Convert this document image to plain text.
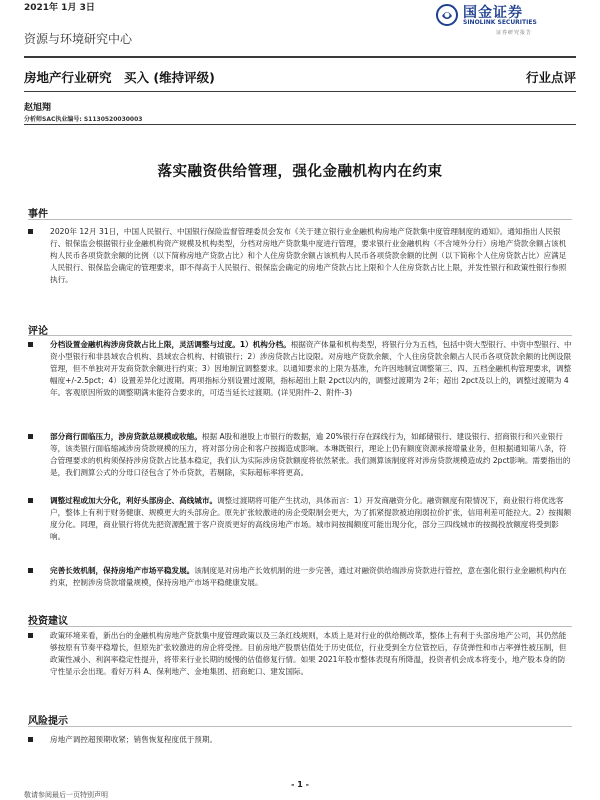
2021年 1月 3日	国金证券
SINOLINK SECURITIES
证券研究报告
资源与环境研究中心
房地产行业研究　买入 (维持评级)	行业点评
赵旭翔
分析师SAC执业编号: S1130520030003
落实融资供给管理，强化金融机构内在约束
事件

2020年 12月 31日，中国人民银行、中国银行保险监督管理委员会发布《关于建立银行业金融机构房地产贷款集中度管理制度的通知》。通知指出人民银行、银保监会根据银行业金融机构资产规模及机构类型，分档对房地产贷款集中度进行管理，要求银行业金融机构（不含境外分行）房地产贷款余额占该机构人民币各项贷款余额的比例（以下简称房地产贷款占比）和个人住房贷款余额占该机构人民币各项贷款余额的比例（以下简称个人住房贷款占比）应满足人民银行、银保监会确定的管理要求，即不得高于人民银行、银保监会确定的房地产贷款占比上限和个人住房贷款占比上限，并发性银行和政策性银行参照执行。

评论

分档设置金融机构涉房贷款占比上限，灵活调整与过度。1）机构分档。根据资产体量和机构类型，将银行分为五档，包括中资大型银行、中资中型银行、中资小型银行和非县域农合机构、县域农合机构、村镇银行；2）涉房贷款占比设限。对房地产贷款余额、个人住房贷款余额占人民币各项贷款余额的比例设限管理，但不单独对开发商贷款余额进行约束；3）因地制宜调整要求。以通知要求的上限为基准，允许因地制宜调整第三、四、五档金融机构管理要求，调整幅度+/-2.5pct；4）设置差异化过渡期。两项指标分别设置过渡期，指标超出上限 2pct以内的，调整过渡期为 2年；超出 2pct及以上的，调整过渡期为 4年。客观原因所致的调整期满未能符合要求的，可适当延长过渡期。(详见附件-2、附件-3)

部分商行面临压力，涉房贷款总规模或收缩。根据 A股和港股上市银行的数据，逾 20%银行存在踩线行为，如邮储银行、建设银行、招商银行和兴业银行等，该类银行面临缩减涉房贷款规模的压力，将对部分房企和客户按揭造成影响。本琳既银行，理论上仍有额度资源承接增量业务，但根据通知第八条，符合管理要求的机构须保持涉房贷款占比基本稳定，我们认为实际涉房贷款额度将依然紧张。我们测算该制度将对涉房贷款规模造成约 2pct影响。需要指出的是，我们测算公式的分母口径包含了外币贷款，若剔除，实际超标率将更高。

调整过程或加大分化，利好头部房企、高线城市。调整过渡期将可能产生扰动，具体而言：1）开发商融资分化。融资额度有限情况下，商业银行将优选客户，整体上有利于财务健康、规模更大的头部房企。原先扩张较激进的房企受限制会更大，为了抓紧提款被迫削弱拉价扩张，信用利差可能拉大。2）按揭额度分化。同理，商业银行将优先把资源配置于客户资质更好的高线房地产市场。城市间按揭额度可能出现分化，部分三四线城市的按揭投放额度将受到影响。

完善长效机制，保持房地产市场平稳发展。该制度是对房地产长效机制的进一步完善，通过对融资供给端涉房贷款进行管控，意在强化银行业金融机构内在约束，控制涉房贷款增量规模，保持房地产市场平稳健康发展。

投资建议

政策环境来看，新出台的金融机构房地产贷款集中度管理政策以及三条红线规则，本质上是对行业的供给侧改革，整体上有利于头部房地产公司，其仍然能够按原有节奏平稳增长，但原先扩张较激进的房企将受挫。目前房地产股票估值处于历史低位，行业受到全方位管控后，存货弹性和市占率弹性被压制，但政策性减小、利润率稳定性提升，将带来行业长期的缓慢的估值修复行情。如果 2021年股市整体表现有所降温，投资者机会成本将变小，地产股本身的防守性显示会出现。看好万科 A、保利地产、金地集团、招商蛇口、建发国际。

风险提示

房地产调控超预期收紧；销售恢复程度低于预期。

- 1 -
敬请参阅最后一页特别声明
